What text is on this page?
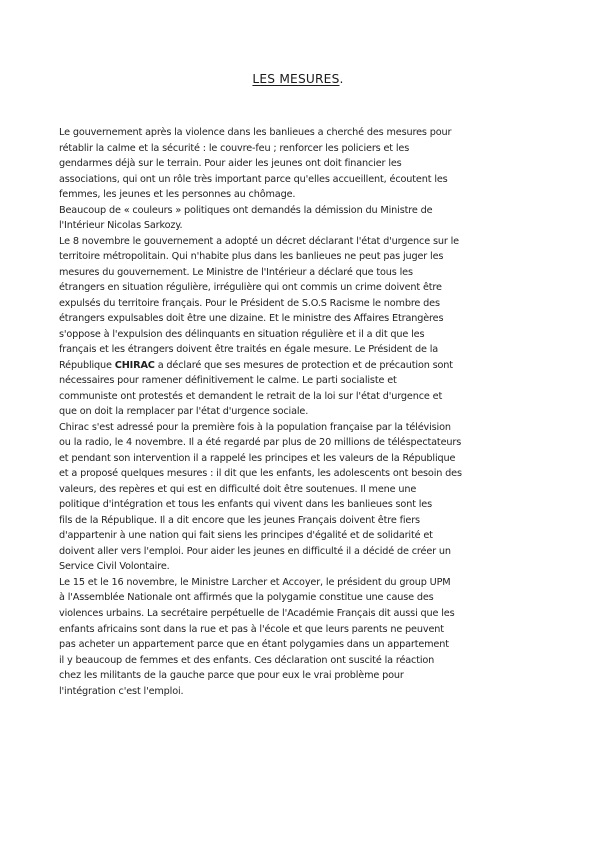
LES MESURES.
Le gouvernement après la violence dans les banlieues a cherché des mesures pour
rétablir la calme et la sécurité : le couvre-feu ; renforcer les policiers et les
gendarmes déjà sur le terrain. Pour aider les jeunes ont doit financier les
associations, qui ont un rôle très important parce qu'elles accueillent, écoutent les
femmes, les jeunes et les personnes au chômage.
Beaucoup de « couleurs » politiques ont demandés la démission du Ministre de
l'Intérieur Nicolas Sarkozy.
Le 8 novembre le gouvernement a adopté un décret déclarant l'état d'urgence sur le
territoire métropolitain. Qui n'habite plus dans les banlieues ne peut pas juger les
mesures du gouvernement. Le Ministre de l'Intérieur a déclaré que tous les
étrangers en situation régulière, irrégulière qui ont commis un crime doivent être
expulsés du territoire français. Pour le Président de S.O.S Racisme le nombre des
étrangers expulsables doit être une dizaine. Et le ministre des Affaires Etrangères
s'oppose à l'expulsion des délinquants en situation régulière et il a dit que les
français et les étrangers doivent être traités en égale mesure. Le Président de la
République CHIRAC a déclaré que ses mesures de protection et de précaution sont
nécessaires pour ramener définitivement le calme. Le parti socialiste et
communiste ont protestés et demandent le retrait de la loi sur l'état d'urgence et
que on doit la remplacer par l'état d'urgence sociale.
Chirac s'est adressé pour la première fois à la population française par la télévision
ou la radio, le 4 novembre. Il a été regardé par plus de 20 millions de téléspectateurs
et pendant son intervention il a rappelé les principes et les valeurs de la République
et a proposé quelques mesures : il dit que les enfants, les adolescents ont besoin des
valeurs, des repères et qui est en difficulté doit être soutenues. Il mene une
politique d'intégration et tous les enfants qui vivent dans les banlieues sont les
fils de la République. Il a dit encore que les jeunes Français doivent être fiers
d'appartenir à une nation qui fait siens les principes d'égalité et de solidarité et
doivent aller vers l'emploi. Pour aider les jeunes en difficulté il a décidé de créer un
Service Civil Volontaire.
Le 15 et le 16 novembre, le Ministre Larcher et Accoyer, le président du group UPM
à l'Assemblée Nationale ont affirmés que la polygamie constitue une cause des
violences urbains. La secrétaire perpétuelle de l'Académie Français dit aussi que les
enfants africains sont dans la rue et pas à l'école et que leurs parents ne peuvent
pas acheter un appartement parce que en étant polygamies dans un appartement
il y beaucoup de femmes et des enfants. Ces déclaration ont suscité la réaction
chez les militants de la gauche parce que pour eux le vrai problème pour
l'intégration c'est l'emploi.
